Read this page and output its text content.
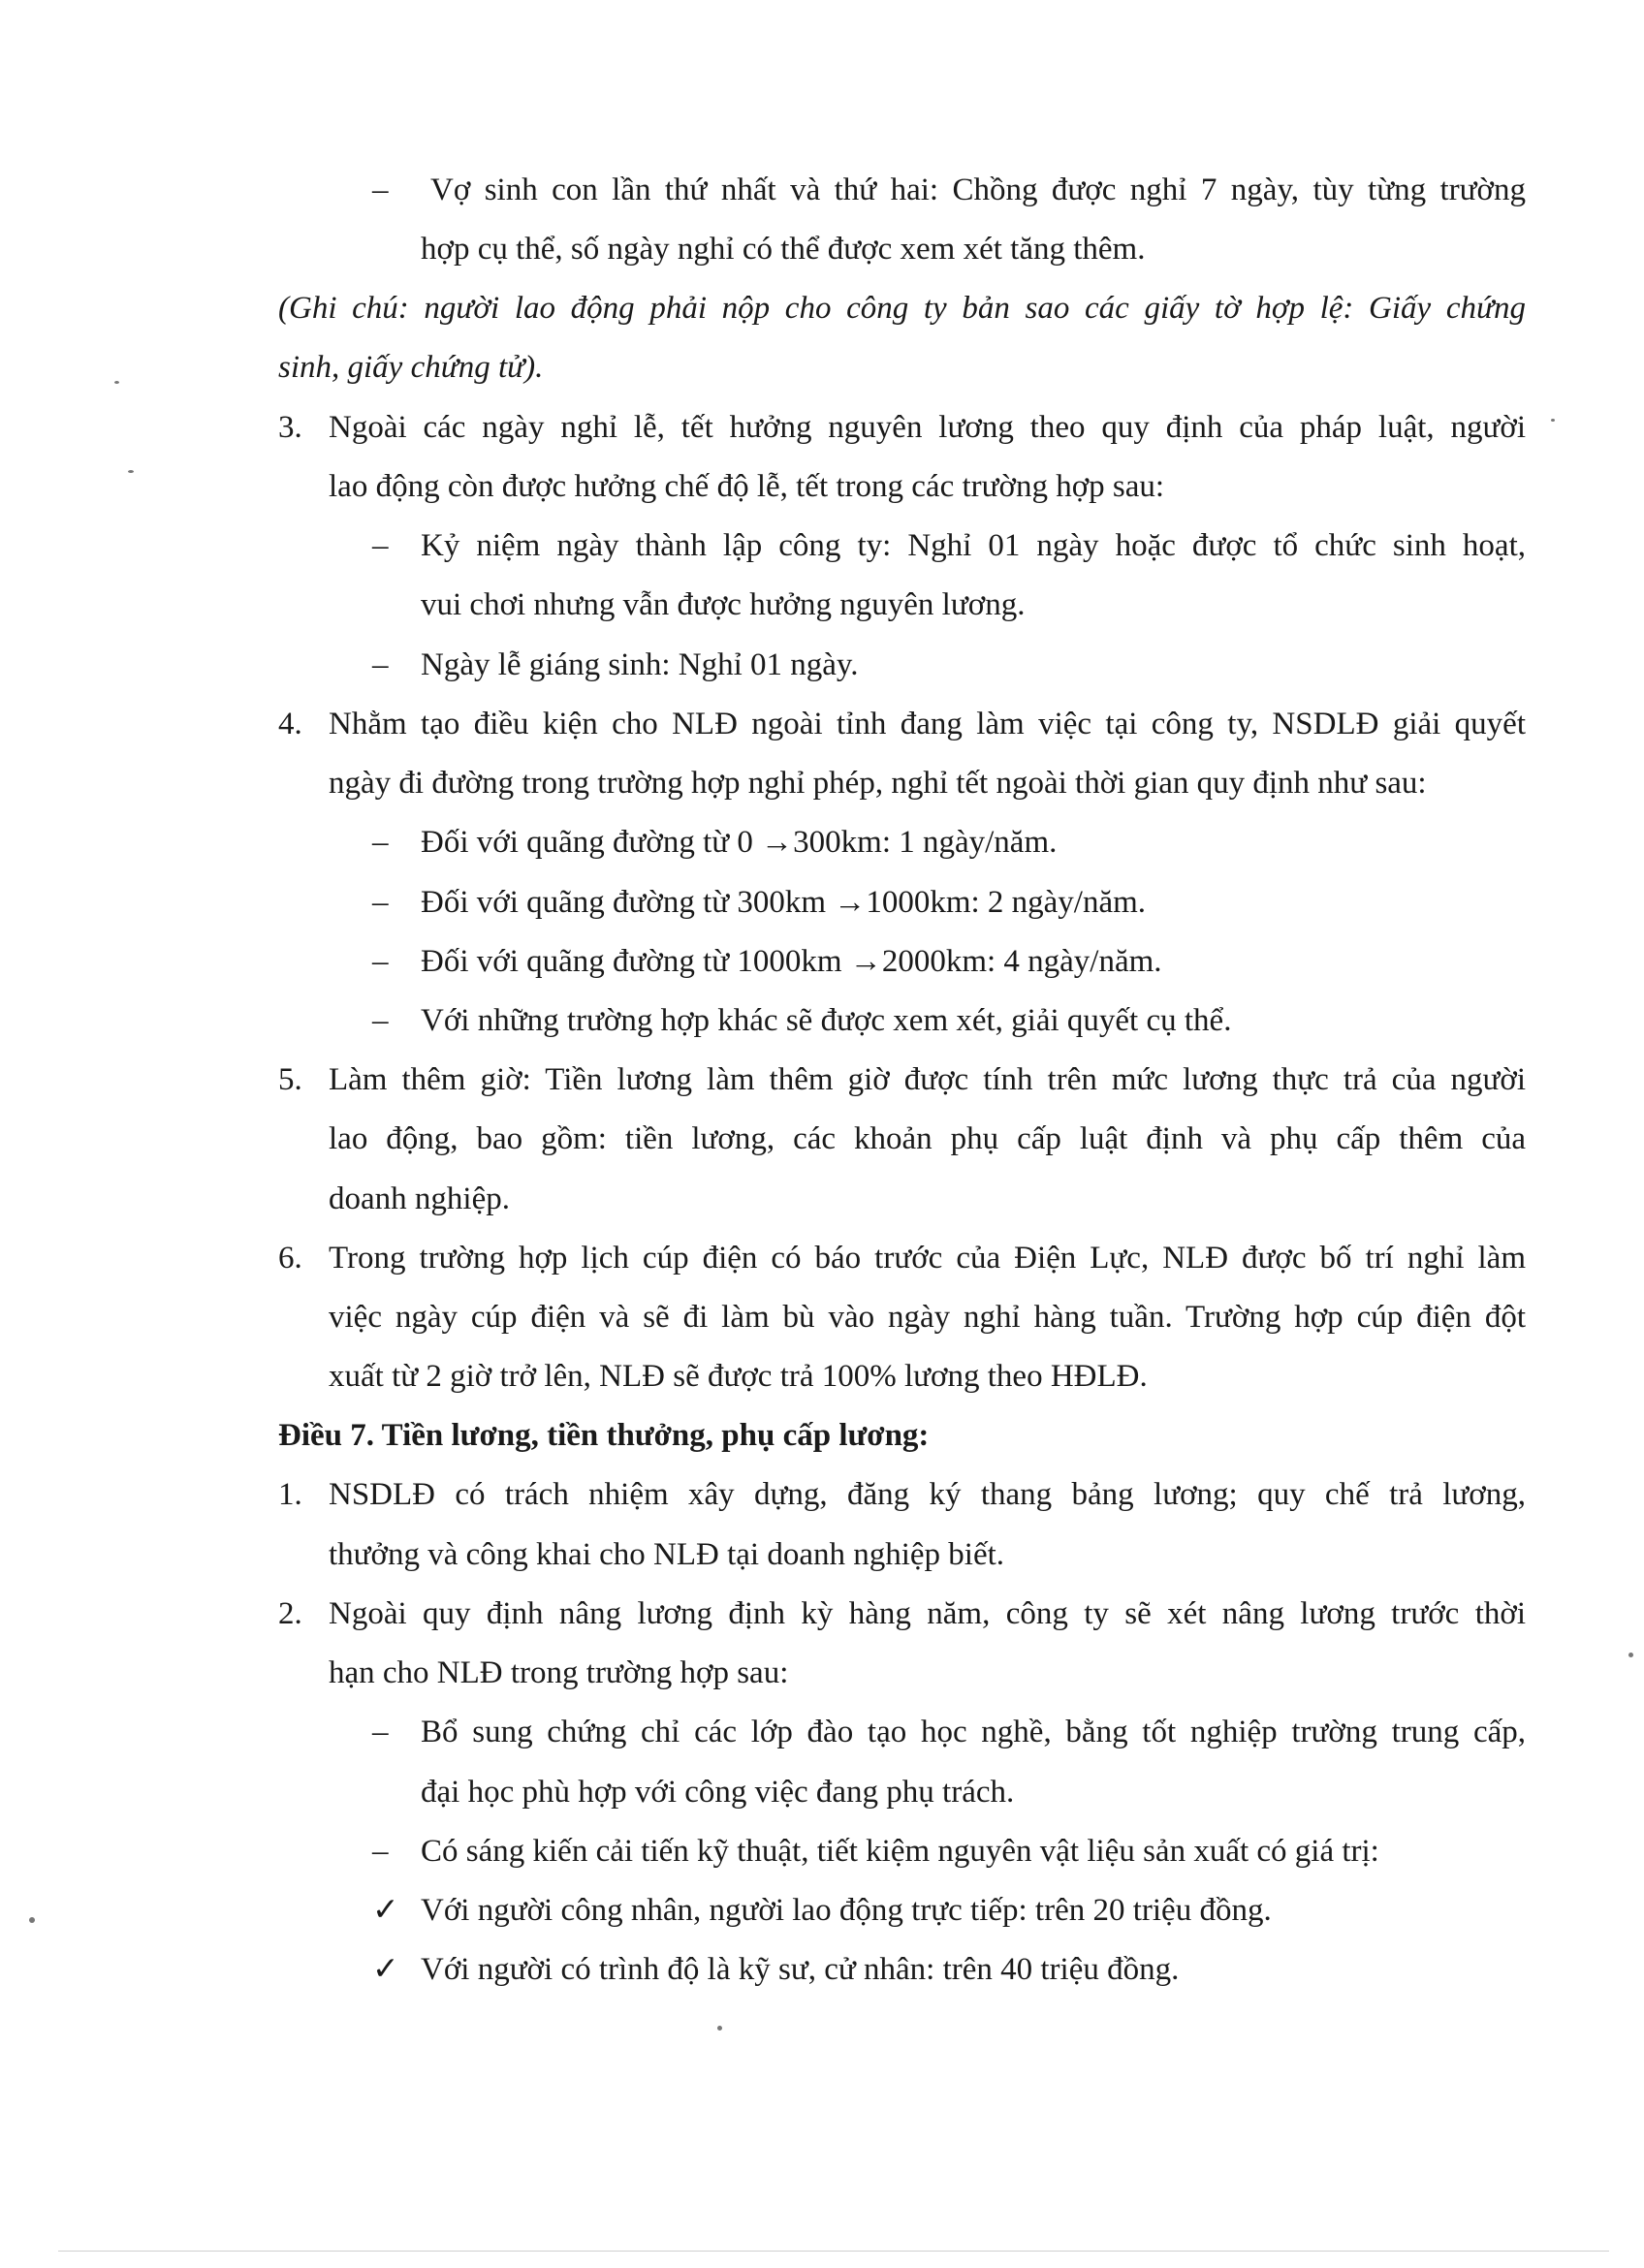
– Vợ sinh con lần thứ nhất và thứ hai: Chồng được nghỉ 7 ngày, tùy từng trường
hợp cụ thể, số ngày nghỉ có thể được xem xét tăng thêm.
(Ghi chú: người lao động phải nộp cho công ty bản sao các giấy tờ hợp lệ: Giấy chứng
sinh, giấy chứng tử).
3. Ngoài các ngày nghỉ lễ, tết hưởng nguyên lương theo quy định của pháp luật, người
lao động còn được hưởng chế độ lễ, tết trong các trường hợp sau:
– Kỷ niệm ngày thành lập công ty: Nghỉ 01 ngày hoặc được tổ chức sinh hoạt,
vui chơi nhưng vẫn được hưởng nguyên lương.
– Ngày lễ giáng sinh: Nghỉ 01 ngày.
4. Nhằm tạo điều kiện cho NLĐ ngoài tỉnh đang làm việc tại công ty, NSDLĐ giải quyết
ngày đi đường trong trường hợp nghỉ phép, nghỉ tết ngoài thời gian quy định như sau:
– Đối với quãng đường từ 0 →300km: 1 ngày/năm.
– Đối với quãng đường từ 300km →1000km: 2 ngày/năm.
– Đối với quãng đường từ 1000km →2000km: 4 ngày/năm.
– Với những trường hợp khác sẽ được xem xét, giải quyết cụ thể.
5. Làm thêm giờ: Tiền lương làm thêm giờ được tính trên mức lương thực trả của người
lao động, bao gồm: tiền lương, các khoản phụ cấp luật định và phụ cấp thêm của
doanh nghiệp.
6. Trong trường hợp lịch cúp điện có báo trước của Điện Lực, NLĐ được bố trí nghỉ làm
việc ngày cúp điện và sẽ đi làm bù vào ngày nghỉ hàng tuần. Trường hợp cúp điện đột
xuất từ 2 giờ trở lên, NLĐ sẽ được trả 100% lương theo HĐLĐ.
Điều 7. Tiền lương, tiền thưởng, phụ cấp lương:
1. NSDLĐ có trách nhiệm xây dựng, đăng ký thang bảng lương; quy chế trả lương,
thưởng và công khai cho NLĐ tại doanh nghiệp biết.
2. Ngoài quy định nâng lương định kỳ hàng năm, công ty sẽ xét nâng lương trước thời
hạn cho NLĐ trong trường hợp sau:
– Bổ sung chứng chỉ các lớp đào tạo học nghề, bằng tốt nghiệp trường trung cấp,
đại học phù hợp với công việc đang phụ trách.
– Có sáng kiến cải tiến kỹ thuật, tiết kiệm nguyên vật liệu sản xuất có giá trị:
✓ Với người công nhân, người lao động trực tiếp: trên 20 triệu đồng.
✓ Với người có trình độ là kỹ sư, cử nhân: trên 40 triệu đồng.
